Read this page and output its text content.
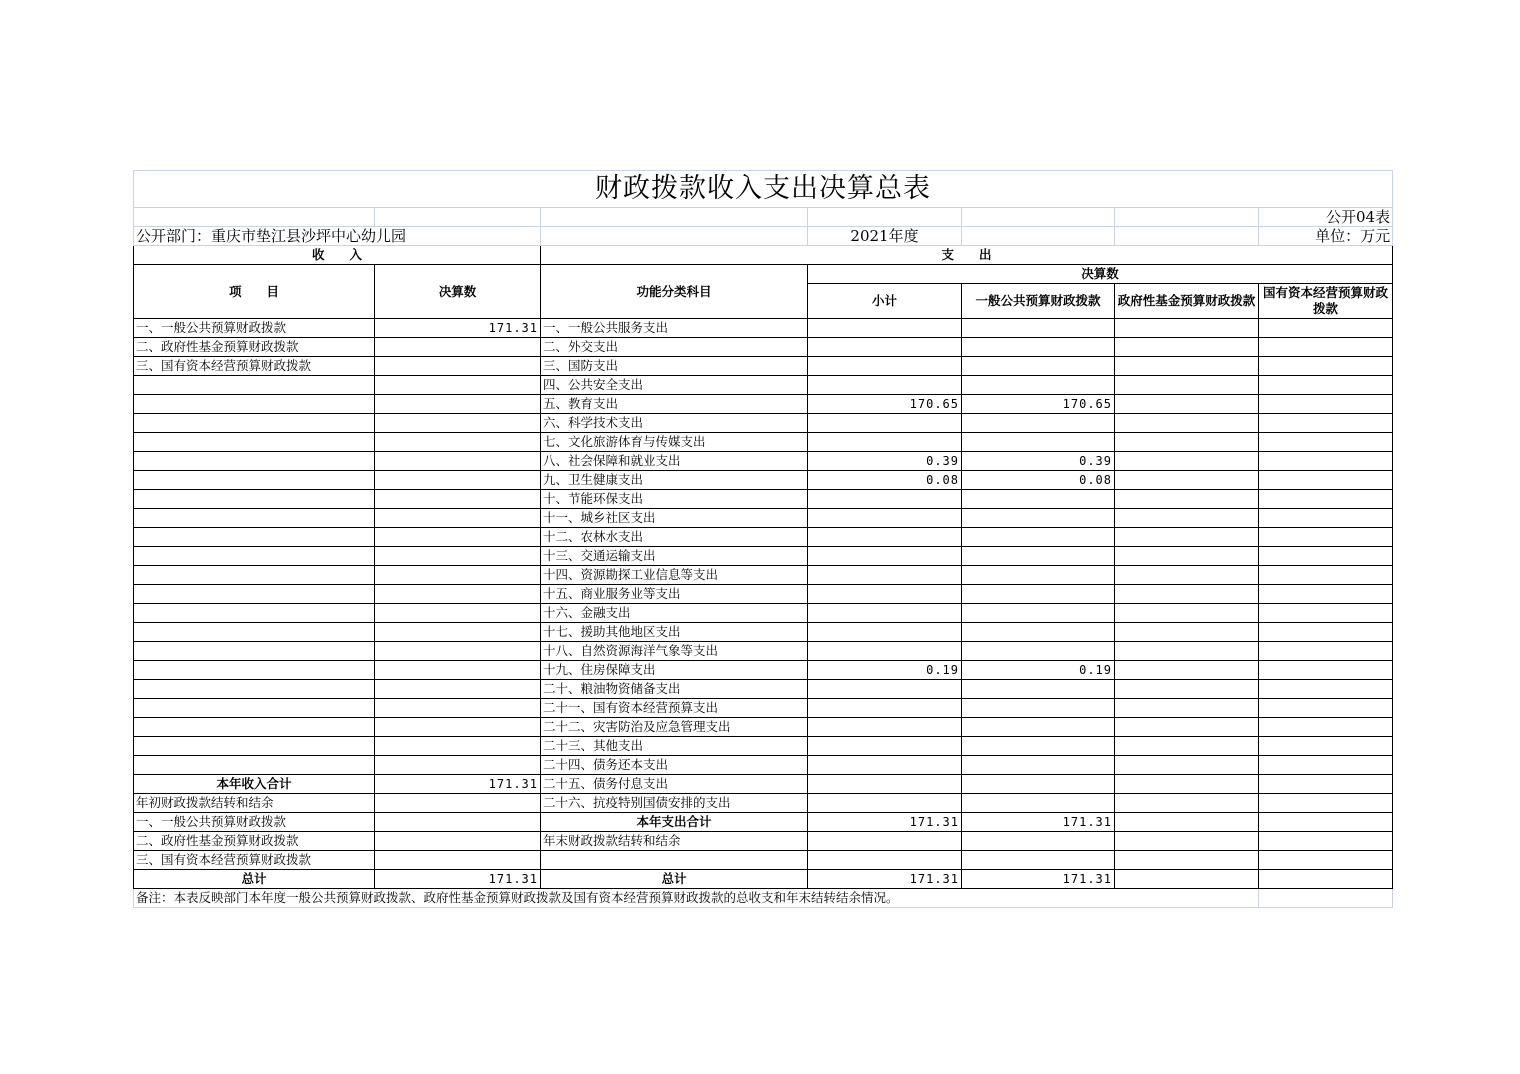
财政拨款收入支出决算总表						
						公开04表
公开部门：重庆市垫江县沙坪中心幼儿园			2021年度			单位：万元
收　　入		支　　出				
项　　目	决算数	功能分类科目	决算数			
			小计	一般公共预算财政拨款	政府性基金预算财政拨款	国有资本经营预算财政拨款
一、一般公共预算财政拨款	171.31	一、一般公共服务支出				
二、政府性基金预算财政拨款		二、外交支出				
三、国有资本经营预算财政拨款		三、国防支出				
		四、公共安全支出				
		五、教育支出	170.65	170.65		
		六、科学技术支出				
		七、文化旅游体育与传媒支出				
		八、社会保障和就业支出	0.39	0.39		
		九、卫生健康支出	0.08	0.08		
		十、节能环保支出				
		十一、城乡社区支出				
		十二、农林水支出				
		十三、交通运输支出				
		十四、资源勘探工业信息等支出				
		十五、商业服务业等支出				
		十六、金融支出				
		十七、援助其他地区支出				
		十八、自然资源海洋气象等支出				
		十九、住房保障支出	0.19	0.19		
		二十、粮油物资储备支出				
		二十一、国有资本经营预算支出				
		二十二、灾害防治及应急管理支出				
		二十三、其他支出				
		二十四、债务还本支出				
本年收入合计	171.31	二十五、债务付息支出				
年初财政拨款结转和结余		二十六、抗疫特别国债安排的支出				
一、一般公共预算财政拨款		本年支出合计	171.31	171.31		
二、政府性基金预算财政拨款		年末财政拨款结转和结余				
三、国有资本经营预算财政拨款						
总计	171.31	总计	171.31	171.31		
备注：本表反映部门本年度一般公共预算财政拨款、政府性基金预算财政拨款及国有资本经营预算财政拨款的总收支和年末结转结余情况。						
